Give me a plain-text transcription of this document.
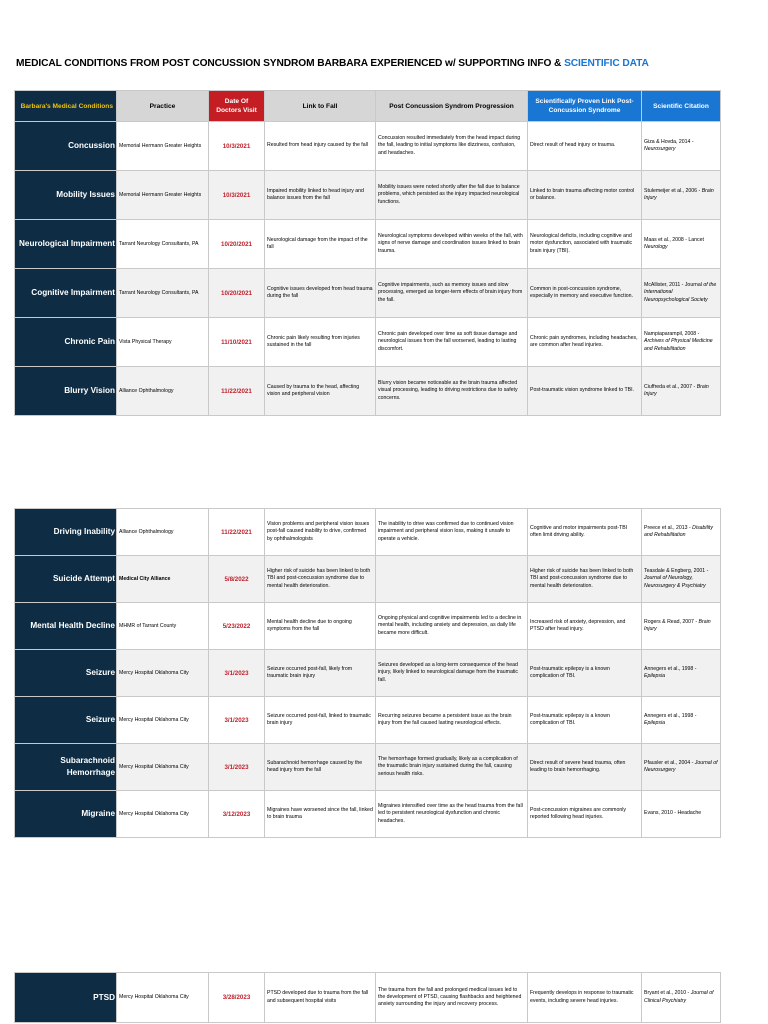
MEDICAL CONDITIONS FROM POST CONCUSSION SYNDROM BARBARA EXPERIENCED w/ SUPPORTING INFO & SCIENTIFIC DATA
Barbara's Medical Conditions	Practice	Date Of Doctors Visit	Link to Fall	Post Concussion Syndrom Progression	Scientifically Proven Link Post-Concussion Syndrome	Scientific Citation
Concussion	Memorial Hermann Greater Heights	10/3/2021	Resulted from head injury caused by the fall	Concussion resulted immediately from the head impact during the fall, leading to initial symptoms like dizziness, confusion, and headaches.	Direct result of head injury or trauma.	Giza & Hovda, 2014 - Neurosurgery
Mobility Issues	Memorial Hermann Greater Heights	10/3/2021	Impaired mobility linked to head injury and balance issues from the fall	Mobility issues were noted shortly after the fall due to balance problems, which persisted as the injury impacted neurological functions.	Linked to brain trauma affecting motor control or balance.	Stulemeijer et al., 2006 - Brain Injury
Neurological Impairment	Tarrant Neurology Consultants, PA	10/20/2021	Neurological damage from the impact of the fall	Neurological symptoms developed within weeks of the fall, with signs of nerve damage and coordination issues linked to brain trauma.	Neurological deficits, including cognitive and motor dysfunction, associated with traumatic brain injury (TBI).	Maas et al., 2008 - Lancet Neurology
Cognitive Impairment	Tarrant Neurology Consultants, PA	10/20/2021	Cognitive issues developed from head trauma during the fall	Cognitive impairments, such as memory issues and slow processing, emerged as longer-term effects of brain injury from the fall.	Common in post-concussion syndrome, especially in memory and executive function.	McAllister, 2011 - Journal of the International Neuropsychological Society
Chronic Pain	Vista Physical Therapy	11/10/2021	Chronic pain likely resulting from injuries sustained in the fall	Chronic pain developed over time as soft tissue damage and neurological issues from the fall worsened, leading to lasting discomfort.	Chronic pain syndromes, including headaches, are common after head injuries.	Nampiaparampil, 2008 - Archives of Physical Medicine and Rehabilitation
Blurry Vision	Alliance Ophthalmology	11/22/2021	Caused by trauma to the head, affecting vision and peripheral vision	Blurry vision became noticeable as the brain trauma affected visual processing, leading to driving restrictions due to safety concerns.	Post-traumatic vision syndrome linked to TBI.	Ciuffreda et al., 2007 - Brain Injury
Driving Inability	Alliance Ophthalmology	11/22/2021	Vision problems and peripheral vision issues post-fall caused inability to drive, confirmed by ophthalmologists	The inability to drive was confirmed due to continued vision impairment and peripheral vision loss, making it unsafe to operate a vehicle.	Cognitive and motor impairments post-TBI often limit driving ability.	Preece et al., 2013 - Disability and Rehabilitation
Suicide Attempt	Medical City Alliance	5/8/2022	Higher risk of suicide has been linked to both TBI and post-concussion syndrome due to mental health deterioration.		Higher risk of suicide has been linked to both TBI and post-concussion syndrome due to mental health deterioration.	Teasdale & Engberg, 2001 - Journal of Neurology, Neurosurgery & Psychiatry
Mental Health Decline	MHMR of Tarrant County	5/23/2022	Mental health decline due to ongoing symptoms from the fall	Ongoing physical and cognitive impairments led to a decline in mental health, including anxiety and depression, as daily life became more difficult.	Increased risk of anxiety, depression, and PTSD after head injury.	Rogers & Read, 2007 - Brain Injury
Seizure	Mercy Hospital Oklahoma City	3/1/2023	Seizure occurred post-fall, likely from traumatic brain injury	Seizures developed as a long-term consequence of the head injury, likely linked to neurological damage from the traumatic fall.	Post-traumatic epilepsy is a known complication of TBI.	Annegers et al., 1998 - Epilepsia
Seizure	Mercy Hospital Oklahoma City	3/1/2023	Seizure occurred post-fall, linked to traumatic brain injury	Recurring seizures became a persistent issue as the brain injury from the fall caused lasting neurological effects.	Post-traumatic epilepsy is a known complication of TBI.	Annegers et al., 1998 - Epilepsia
Subarachnoid Hemorrhage	Mercy Hospital Oklahoma City	3/1/2023	Subarachnoid hemorrhage caused by the head injury from the fall	The hemorrhage formed gradually, likely as a complication of the traumatic brain injury sustained during the fall, causing serious health risks.	Direct result of severe head trauma, often leading to brain hemorrhaging.	Pfausler et al., 2004 - Journal of Neurosurgery
Migraine	Mercy Hospital Oklahoma City	3/12/2023	Migraines have worsened since the fall, linked to brain trauma	Migraines intensified over time as the head trauma from the fall led to persistent neurological dysfunction and chronic headaches.	Post-concussion migraines are commonly reported following head injuries.	Evans, 2010 - Headache
PTSD	Mercy Hospital Oklahoma City	3/28/2023	PTSD developed due to trauma from the fall and subsequent hospital visits	The trauma from the fall and prolonged medical issues led to the development of PTSD, causing flashbacks and heightened anxiety surrounding the injury and recovery process.	Frequently develops in response to traumatic events, including severe head injuries.	Bryant et al., 2010 - Journal of Clinical Psychiatry
